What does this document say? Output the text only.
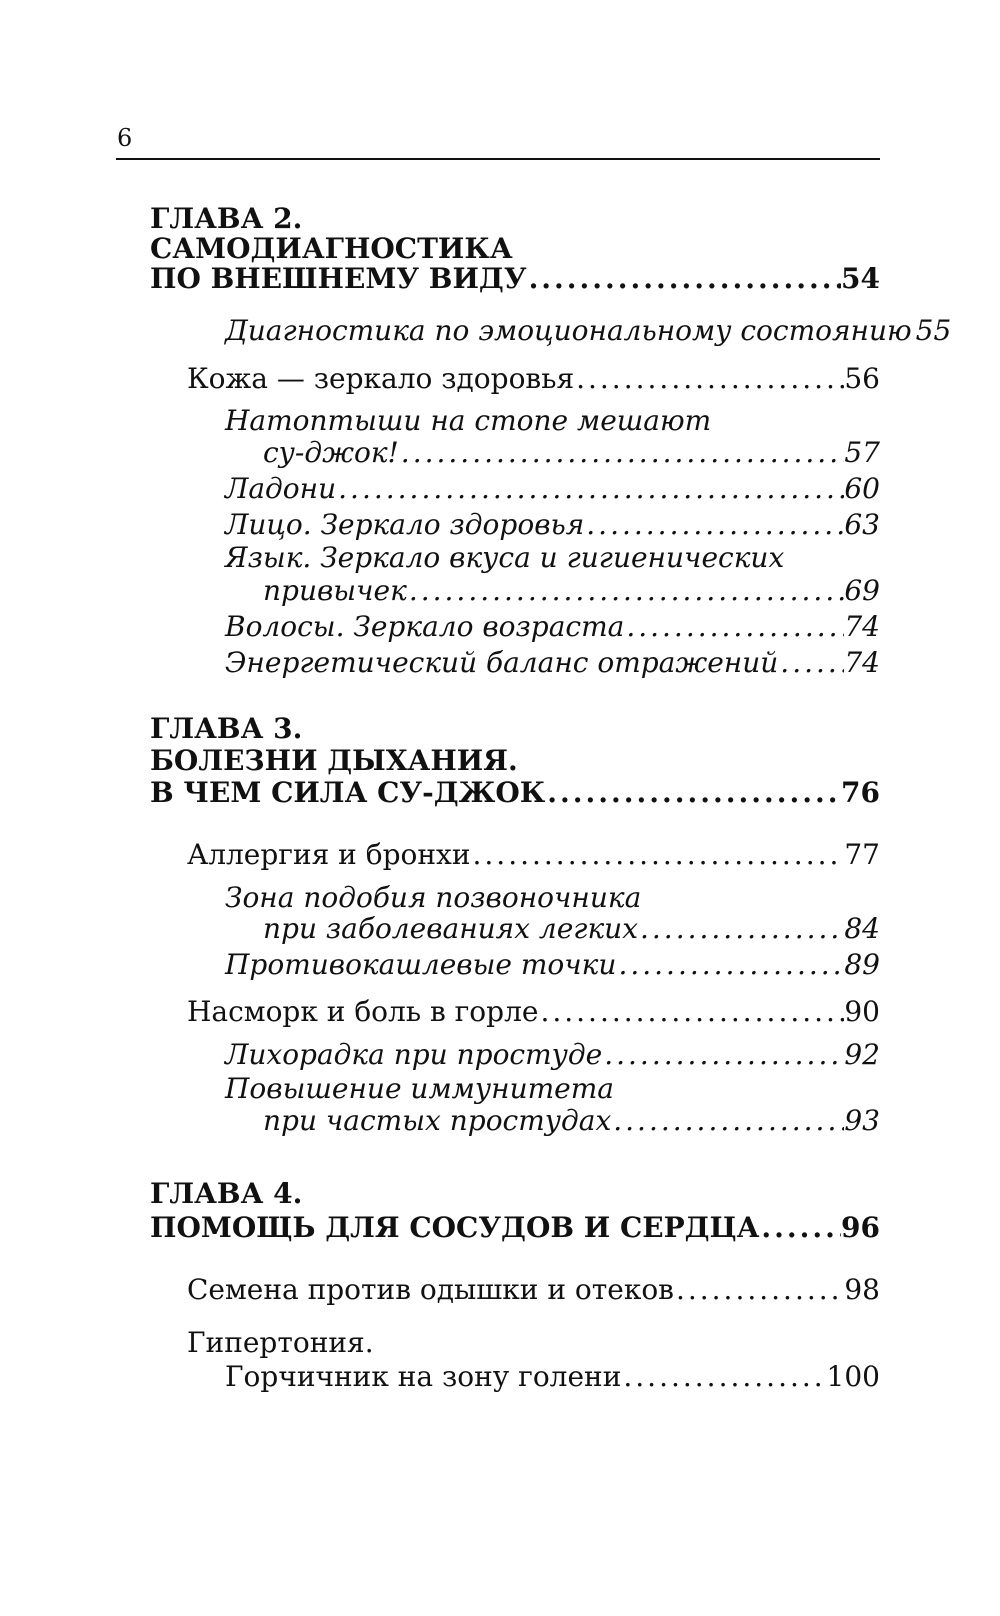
6
ГЛАВА 2.
САМОДИАГНОСТИКА
ПО ВНЕШНЕМУ ВИДУ .....	54
Диагностика по эмоциональному состоянию ..... 55
Кожа — зеркало здоровья .....	56
Натоптыши на стопе мешают
су-джок! .....	57
Ладони .....	60
Лицо. Зеркало здоровья .....	63
Язык. Зеркало вкуса и гигиенических
привычек .....	69
Волосы. Зеркало возраста .....	74
Энергетический баланс отражений ..... 74
ГЛАВА 3.
БОЛЕЗНИ ДЫХАНИЯ.
В ЧЕМ СИЛА СУ-ДЖОК .....	76
Аллергия и бронхи .....	77
Зона подобия позвоночника
при заболеваниях легких .....	84
Противокашлевые точки .....	89
Насморк и боль в горле .....	90
Лихорадка при простуде .....	92
Повышение иммунитета
при частых простудах .....	93
ГЛАВА 4.
ПОМОЩЬ ДЛЯ СОСУДОВ И СЕРДЦА .....	96
Семена против одышки и отеков .....	98
Гипертония.
Горчичник на зону голени .....	100
